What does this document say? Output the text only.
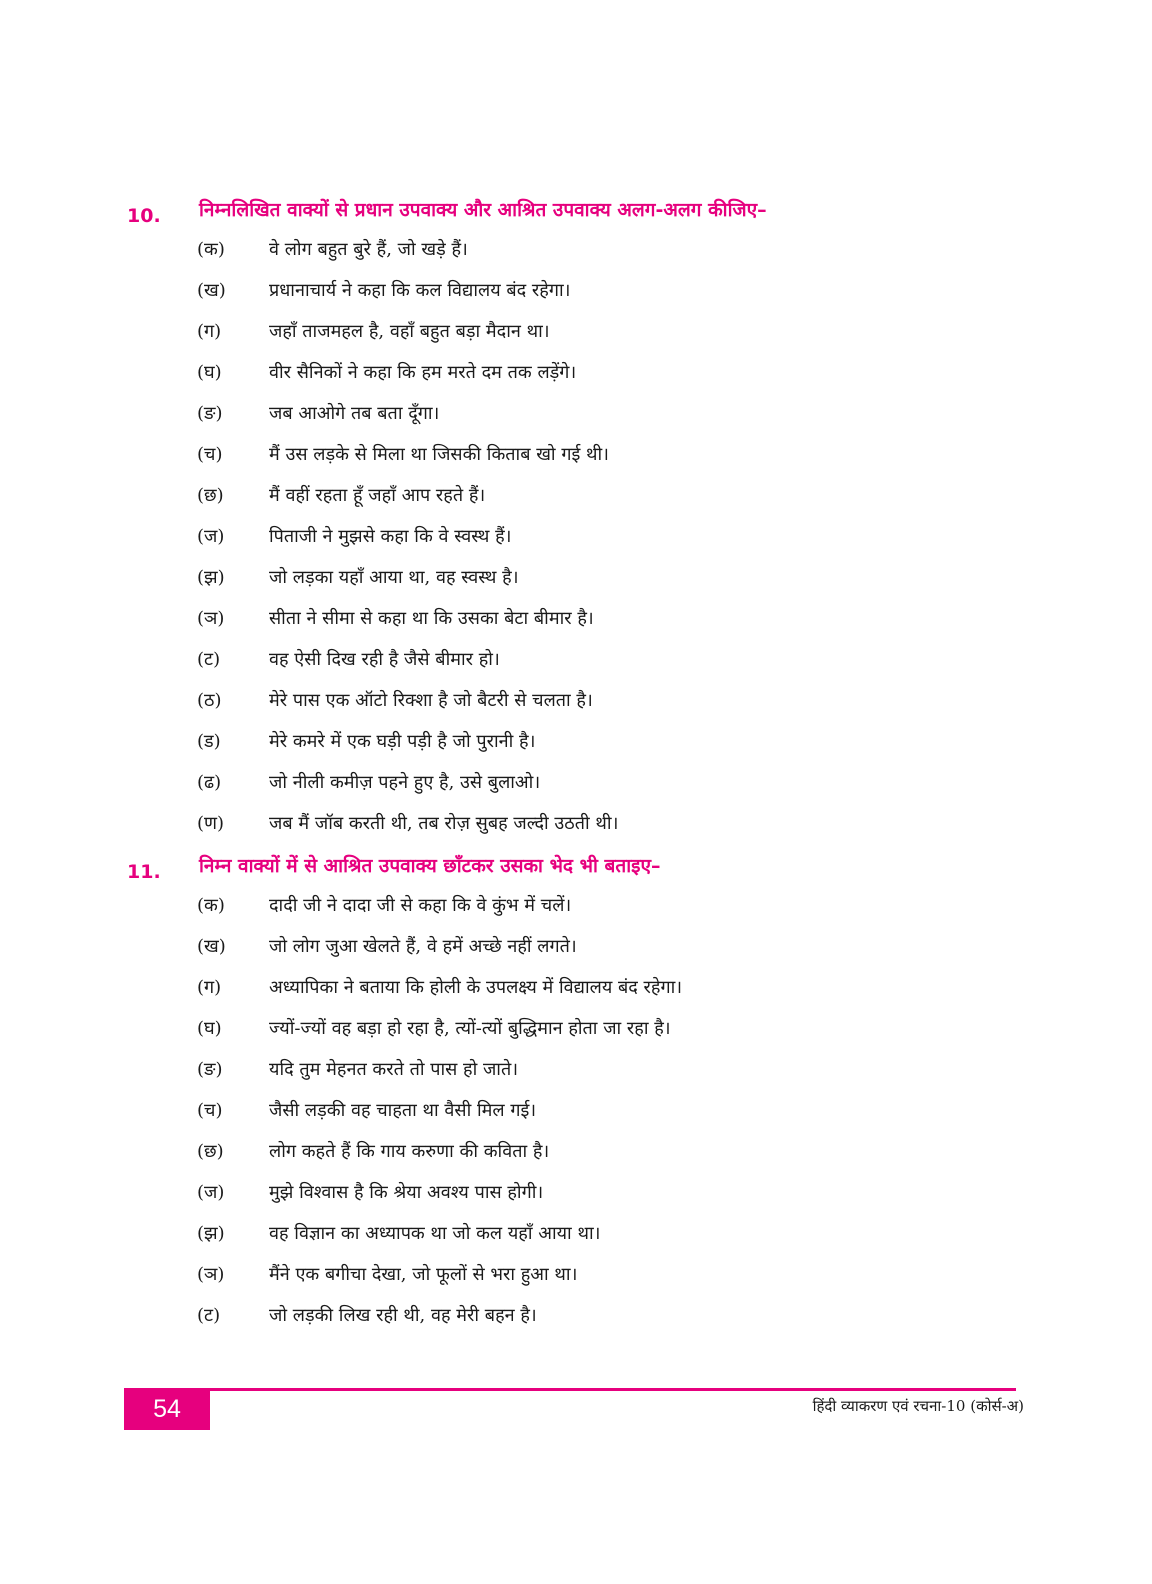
10. निम्नलिखित वाक्यों से प्रधान उपवाक्य और आश्रित उपवाक्य अलग-अलग कीजिए–
(क) वे लोग बहुत बुरे हैं, जो खड़े हैं।
(ख) प्रधानाचार्य ने कहा कि कल विद्यालय बंद रहेगा।
(ग)	जहाँ ताजमहल है, वहाँ बहुत बड़ा मैदान था।
(घ)	वीर सैनिकों ने कहा कि हम मरते दम तक लड़ेंगे।
(ङ)	जब आओगे तब बता दूँगा।
(च)	मैं उस लड़के से मिला था जिसकी किताब खो गई थी।
(छ)	मैं वहीं रहता हूँ जहाँ आप रहते हैं।
(ज) पिताजी ने मुझसे कहा कि वे स्वस्थ हैं।
(झ) जो लड़का यहाँ आया था, वह स्वस्थ है।
(ञ) सीता ने सीमा से कहा था कि उसका बेटा बीमार है।
(ट)	वह ऐसी दिख रही है जैसे बीमार हो।
(ठ)	मेरे पास एक ऑटो रिक्शा है जो बैटरी से चलता है।
(ड)	मेरे कमरे में एक घड़ी पड़ी है जो पुरानी है।
(ढ)	जो नीली कमीज़ पहने हुए है, उसे बुलाओ।
(ण) जब मैं जॉब करती थी, तब रोज़ सुबह जल्दी उठती थी।
11. निम्न वाक्यों में से आश्रित उपवाक्य छाँटकर उसका भेद भी बताइए–
(क) दादी जी ने दादा जी से कहा कि वे कुंभ में चलें।
(ख) जो लोग जुआ खेलते हैं, वे हमें अच्छे नहीं लगते।
(ग)	अध्यापिका ने बताया कि होली के उपलक्ष्य में विद्यालय बंद रहेगा।
(घ)	ज्यों-ज्यों वह बड़ा हो रहा है, त्यों-त्यों बुद्धिमान होता जा रहा है।
(ङ)	यदि तुम मेहनत करते तो पास हो जाते।
(च)	जैसी लड़की वह चाहता था वैसी मिल गई।
(छ)	लोग कहते हैं कि गाय करुणा की कविता है।
(ज) मुझे विश्वास है कि श्रेया अवश्य पास होगी।
(झ) वह विज्ञान का अध्यापक था जो कल यहाँ आया था।
(ञ) मैंने एक बगीचा देखा, जो फूलों से भरा हुआ था।
(ट)	जो लड़की लिख रही थी, वह मेरी बहन है।
54	हिंदी व्याकरण एवं रचना-10 (कोर्स-अ)
